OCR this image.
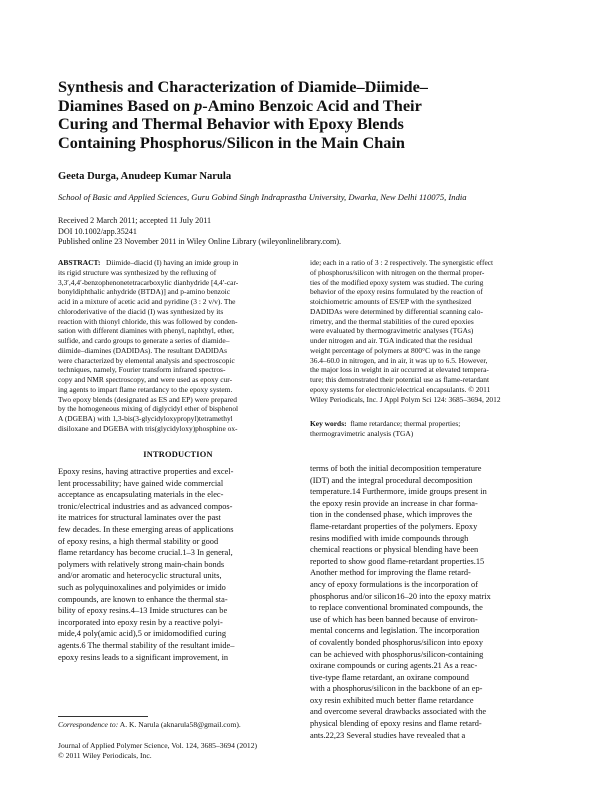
Synthesis and Characterization of Diamide–Diimide–
Diamines Based on p-Amino Benzoic Acid and Their
Curing and Thermal Behavior with Epoxy Blends
Containing Phosphorus/Silicon in the Main Chain
Geeta Durga, Anudeep Kumar Narula
School of Basic and Applied Sciences, Guru Gobind Singh Indraprastha University, Dwarka, New Delhi 110075, India
Received 2 March 2011; accepted 11 July 2011
DOI 10.1002/app.35241
Published online 23 November 2011 in Wiley Online Library (wileyonlinelibrary.com).
ABSTRACT: Diimide–diacid (I) having an imide group in
its rigid structure was synthesized by the refluxing of
3,3′,4,4′-benzophenonetetracarboxylic dianhydride [4,4′-car-
bonyldiphthalic anhydride (BTDA)] and p-amino benzoic
acid in a mixture of acetic acid and pyridine (3 : 2 v/v). The
chloroderivative of the diacid (I) was synthesized by its
reaction with thionyl chloride, this was followed by conden-
sation with different diamines with phenyl, naphthyl, ether,
sulfide, and cardo groups to generate a series of diamide–
diimide–diamines (DADIDAs). The resultant DADIDAs
were characterized by elemental analysis and spectroscopic
techniques, namely, Fourier transform infrared spectros-
copy and NMR spectroscopy, and were used as epoxy cur-
ing agents to impart flame retardancy to the epoxy system.
Two epoxy blends (designated as ES and EP) were prepared
by the homogeneous mixing of diglycidyl ether of bisphenol
A (DGEBA) with 1,3-bis(3-glycidyloxypropyl)tetramethyl
disiloxane and DGEBA with tris(glycidyloxy)phosphine ox-
ide; each in a ratio of 3 : 2 respectively. The synergistic effect
of phosphorus/silicon with nitrogen on the thermal proper-
ties of the modified epoxy system was studied. The curing
behavior of the epoxy resins formulated by the reaction of
stoichiometric amounts of ES/EP with the synthesized
DADIDAs were determined by differential scanning calo-
rimetry, and the thermal stabilities of the cured epoxies
were evaluated by thermogravimetric analyses (TGAs)
under nitrogen and air. TGA indicated that the residual
weight percentage of polymers at 800°C was in the range
36.4–60.0 in nitrogen, and in air, it was up to 6.5. However,
the major loss in weight in air occurred at elevated tempera-
ture; this demonstrated their potential use as flame-retardant
epoxy systems for electronic/electrical encapsulants. © 2011
Wiley Periodicals, Inc. J Appl Polym Sci 124: 3685–3694, 2012
Key words: flame retardance; thermal properties;
thermogravimetric analysis (TGA)
INTRODUCTION
Epoxy resins, having attractive properties and excel-
lent processability; have gained wide commercial
acceptance as encapsulating materials in the elec-
tronic/electrical industries and as advanced compos-
ite matrices for structural laminates over the past
few decades. In these emerging areas of applications
of epoxy resins, a high thermal stability or good
flame retardancy has become crucial.1–3 In general,
polymers with relatively strong main-chain bonds
and/or aromatic and heterocyclic structural units,
such as polyquinoxalines and polyimides or imido
compounds, are known to enhance the thermal sta-
bility of epoxy resins.4–13 Imide structures can be
incorporated into epoxy resin by a reactive polyi-
mide,4 poly(amic acid),5 or imidomodified curing
agents.6 The thermal stability of the resultant imide–
epoxy resins leads to a significant improvement, in
terms of both the initial decomposition temperature
(IDT) and the integral procedural decomposition
temperature.14 Furthermore, imide groups present in
the epoxy resin provide an increase in char forma-
tion in the condensed phase, which improves the
flame-retardant properties of the polymers. Epoxy
resins modified with imide compounds through
chemical reactions or physical blending have been
reported to show good flame-retardant properties.15
Another method for improving the flame retard-
ancy of epoxy formulations is the incorporation of
phosphorus and/or silicon16–20 into the epoxy matrix
to replace conventional brominated compounds, the
use of which has been banned because of environ-
mental concerns and legislation. The incorporation
of covalently bonded phosphorus/silicon into epoxy
can be achieved with phosphorus/silicon-containing
oxirane compounds or curing agents.21 As a reac-
tive-type flame retardant, an oxirane compound
with a phosphorus/silicon in the backbone of an ep-
oxy resin exhibited much better flame retardance
and overcome several drawbacks associated with the
physical blending of epoxy resins and flame retard-
ants.22,23 Several studies have revealed that a
Correspondence to: A. K. Narula (aknarula58@gmail.com).
Journal of Applied Polymer Science, Vol. 124, 3685–3694 (2012)
© 2011 Wiley Periodicals, Inc.
